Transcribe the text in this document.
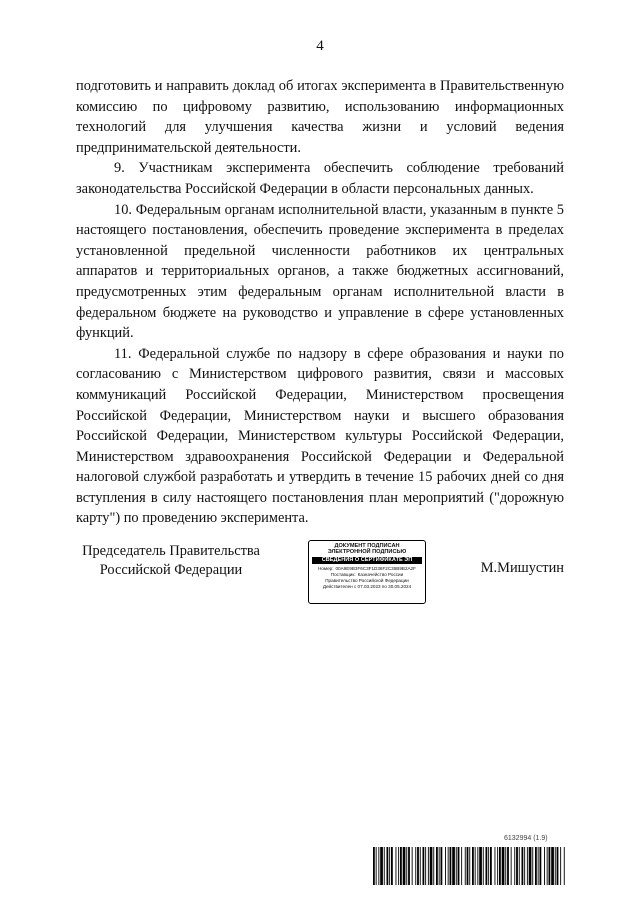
4

подготовить и направить доклад об итогах эксперимента в Правительственную комиссию по цифровому развитию, использованию информационных технологий для улучшения качества жизни и условий ведения предпринимательской деятельности.

9. Участникам эксперимента обеспечить соблюдение требований законодательства Российской Федерации в области персональных данных.

10. Федеральным органам исполнительной власти, указанным в пункте 5 настоящего постановления, обеспечить проведение эксперимента в пределах установленной предельной численности работников их центральных аппаратов и территориальных органов, а также бюджетных ассигнований, предусмотренных этим федеральным органам исполнительной власти в федеральном бюджете на руководство и управление в сфере установленных функций.

11. Федеральной службе по надзору в сфере образования и науки по согласованию с Министерством цифрового развития, связи и массовых коммуникаций Российской Федерации, Министерством просвещения Российской Федерации, Министерством науки и высшего образования Российской Федерации, Министерством культуры Российской Федерации, Министерством здравоохранения Российской Федерации и Федеральной налоговой службой разработать и утвердить в течение 15 рабочих дней со дня вступления в силу настоящего постановления план мероприятий ("дорожную карту") по проведению эксперимента.

Председатель Правительства
Российской Федерации
ДОКУМЕНТ ПОДПИСАН
ЭЛЕКТРОННОЙ ПОДПИСЬЮ
СВЕДЕНИЯ О СЕРТИФИКАТЕ ЭП
Номер: 00A9E9B3F6C3F1D36F2C35B9B2A2F
Поставщик: Казначейство России
Правительство Российской Федерации
Действителен с 07.03.2023 по 30.05.2024
М.Мишустин
6132994 (1.9)
